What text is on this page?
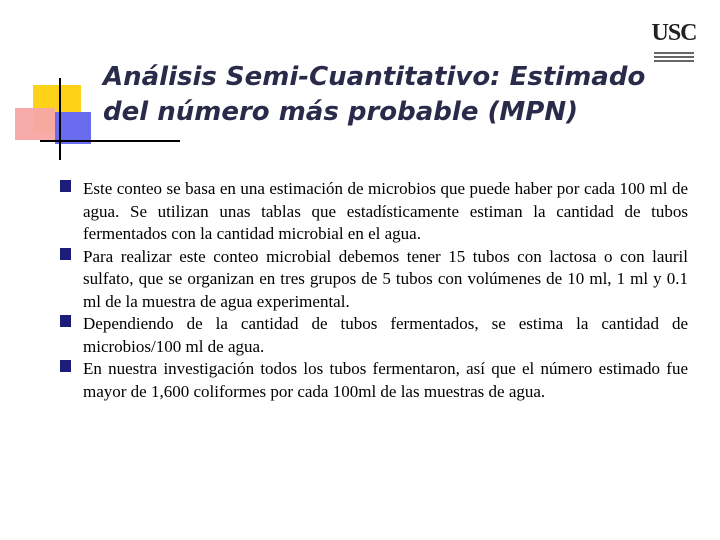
USC
Análisis Semi-Cuantitativo: Estimado
del número más probable (MPN)
Este conteo se basa en una estimación de microbios que puede haber por cada 100 ml de agua. Se utilizan unas tablas que estadísticamente estiman la cantidad de tubos fermentados con la cantidad microbial en el agua.
Para realizar este conteo microbial debemos tener 15 tubos con lactosa o con lauril sulfato, que se organizan en tres grupos de 5 tubos con volúmenes de 10 ml, 1 ml y 0.1 ml de la muestra de agua experimental.
Dependiendo de la cantidad de tubos fermentados, se estima la cantidad de microbios/100 ml de agua.
En nuestra investigación todos los tubos fermentaron, así que el número estimado fue mayor de 1,600 coliformes por cada 100ml de las muestras de agua.
